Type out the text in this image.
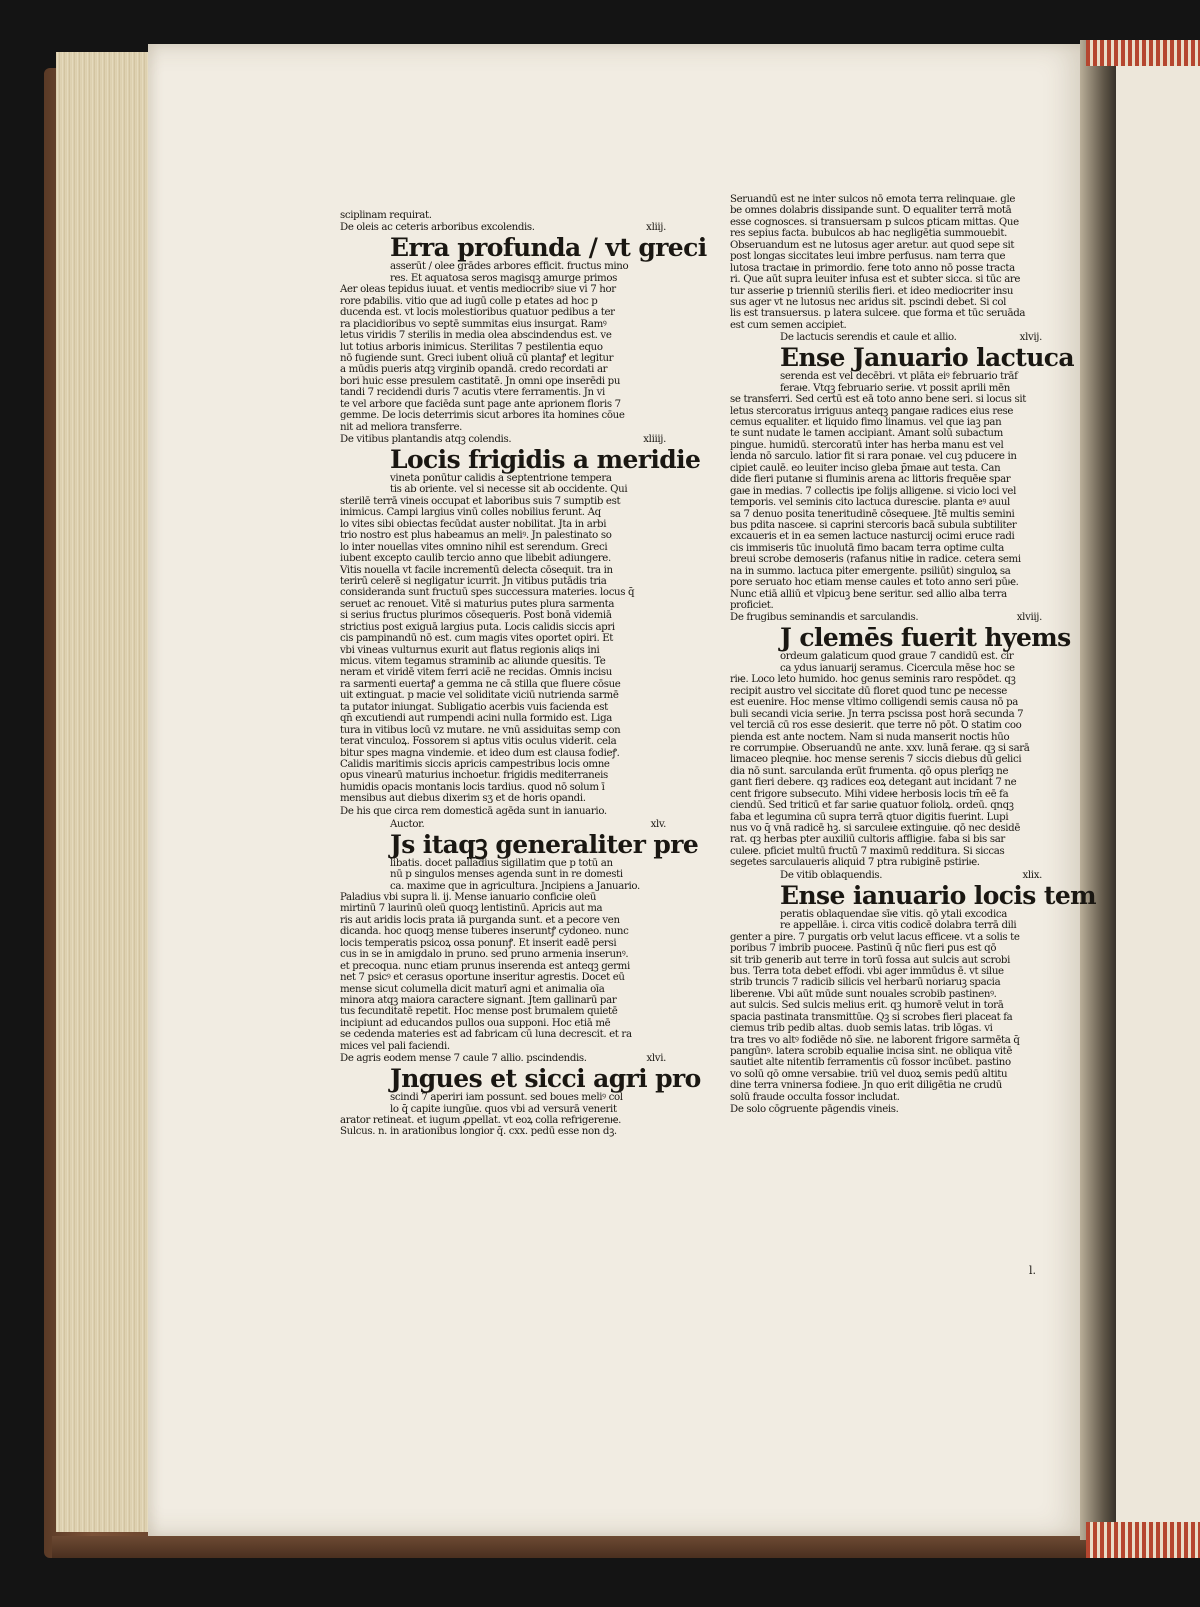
sciplinam requirat.
xliij.
De oleis ac ceteris arboribus excolendis.
Erra profunda / vt greci
asserūt / olee grādes arbores efficit. fructus mino
res. Et aquatosa seros magisqꝫ amurge primos
Aer oleas tepidus iuuat. et ventis mediocribꝰ siue vi 7 hor
rore pᵭabilis. vitio que ad iugū colle p etates ad hoc p
ducenda est. vt locis molestioribus quatuor pedibus a ter
ra placidioribus vo septē summitas eius insurgat. Ramꝰ
letus viridis 7 sterilis in media olea abscindendus est. ve
lut totius arboris inimicus. Sterilitas 7 pestilentia equo
nō fugiende sunt. Greci iubent oliuā cū plantaꝭ et legitur
a mūdis pueris atqꝫ virginib opandā. credo recordati ar
bori huic esse presulem castitatē. Jn omni ope inserēdi pu
tandi 7 recidendi duris 7 acutis vtere ferramentis. Jn vi
te vel arbore que faciēda sunt page ante aprionem floris 7
gemme. De locis deterrimis sicut arbores ita homines cōue
nit ad meliora transferre.
xliiij.
De vitibus plantandis atqꝫ colendis.
Locis frigidis a meridie
vineta ponūtur calidis a septentrione tempera
tis ab oriente. vel si necesse sit ab occidente. Qui
sterilē terrā vineis occupat et laboribus suis 7 sumptib est
inimicus. Campi largius vinū colles nobilius ferunt. Aq
lo vites sibi obiectas fecūdat auster nobilitat. Jta in arbi
trio nostro est plus habeamus an meliꝰ. Jn palestinato so
lo inter nouellas vites omnino nihil est serendum. Greci
iubent excepto caulib tercio anno que libebit adiungere.
Vitis nouella vt facile incrementū delecta cōsequit. tra in
terirū celerē si negligatur icurrit. Jn vitibus putādis tria
consideranda sunt fructuū spes successura materies. locus q̄
seruet ac renouet. Vitē si maturius putes plura sarmenta
si serius fructus plurimos cōsequeris. Post bonā videmiā
strictius post exiguā largius puta. Locis calidis siccis apri
cis pampinandū nō est. cum magis vites oportet opiri. Et
vbi vineas vulturnus exurit aut flatus regionis aliqs ini
micus. vitem tegamus straminib ac aliunde quesitis. Te
neram et viridē vitem ferri aciē ne recidas. Omnis incisu
ra sarmenti euertaꝭ a gemma ne cā stilla que fluere cōsue
uit extinguat. p macie vel soliditate viciū nutrienda sarmē
ta putator iniungat. Subligatio acerbis vuis facienda est
qn̄ excutiendi aut rumpendi acini nulla formido est. Liga
tura in vitibus locū vz mutare. ne vnū assiduitas semp con
terat vinculoꝝ. Fossorem si aptus vitis oculus viderit. cela
bitur spes magna vindemie. et ideo dum est clausa fodieꝭ.
Calidis maritimis siccis apricis campestribus locis omne
opus vinearū maturius inchoetur. frigidis mediterraneis
humidis opacis montanis locis tardius. quod nō solum ī
mensibus aut diebus dixerim sʒ et de horis opandi.
De his que circa rem domesticā agēda sunt in ianuario.
xlv.
Auctor.
Js itaqꝫ generaliter pre
libatis. docet palladius sigillatim que p totū an
nū p singulos menses agenda sunt in re domesti
ca. maxime que in agricultura. Jncipiens a Januario.
Paladius vbi supra li. ij. Mense ianuario conficiꭡ oleū
mirtinū 7 laurinū oleū quoqꝫ lentistinū. Apricis aut ma
ris aut aridis locis prata iā purganda sunt. et a pecore ven
dicanda. hoc quoqꝫ mense tuberes inseruntꝭ cydoneo. nunc
locis temperatis psicoꝝ ossa ponunꝭ. Et inserit eadē persi
cus in se in amigdalo in pruno. sed pruno armenia inserunꝰ.
et precoqua. nunc etiam prunus inserenda est anteqꝫ germi
net 7 psicꝰ et cerasus oportune inseritur agrestis. Docet eū
mense sicut columella dicit maturī agni et animalia oīa
minora atqꝫ maiora caractere signant. Jtem gallinarū par
tus fecunditatē repetit. Hoc mense post brumalem quietē
incipiunt ad educandos pullos oua supponi. Hoc etiā mē
se cedenda materies est ad fabricam cū luna decrescit. et ra
mices vel pali faciendi.
xlvi.
De agris eodem mense 7 caule 7 allio. pscindendis.
Jngues et sicci agri pro
scindi 7 aperiri iam possunt. sed boues meliꝰ col
lo q̄ capite iungūꭡ. quos vbi ad versurā venerit
arator retineat. et iugum ꝓpellat. vt eoꝝ colla refrigerenꭡ.
Sulcus. n. in arationibus longior q̄. cxx. pedū esse non dꝫ.
Seruandū est ne inter sulcos nō emota terra relinquaꭡ. gle
be omnes dolabris dissipande sunt. Ꝺ equaliter terrā motā
esse cognosces. si transuersam p sulcos ꝑticam mittas. Que
res sepius facta. bubulcos ab hac negligētia summouebit.
Obseruandum est ne lutosus ager aretur. aut quod sepe sit
post longas siccitates leui imbre perfusus. nam terra que
lutosa tractaꭡ in primordio. ferꭡ toto anno nō posse tracta
ri. Que aūt supra leuiter infusa est et subter sicca. si tūc are
tur asseriꭡ p trienniū sterilis fieri. et ideo mediocriter insu
sus ager vt ne lutosus nec aridus sit. pscindi debet. Si col
lis est transuersus. p latera sulceꭡ. que forma et tūc seruāda
est cum semen accipiet.
xlvij.
De lactucis serendis et caule et allio.
Ense Januario lactuca
serenda est vel decēbri. vt plāta eiꝰ februario trāf
feraꭡ. Vtqꝫ februario seriꭡ. vt possit aprili mēn
se transferri. Sed certū est eā toto anno bene seri. si locus sit
letus stercoratus irriguus anteqꝫ pangaꭡ radices eius rese
cemus equaliter. et liquido fimo linamus. vel que iaꝫ pan
te sunt nudate le tamen accipiant. Amant solū subactum
pingue. humidū. stercoratū inter has herba manu est vel
lenda nō sarculo. latior fit si rara ponaꭡ. vel cuꝫ pducere in
cipiet caulē. eo leuiter inciso gleba p̄maꭡ aut testa. Can
dide fieri putanꭡ si fluminis arena ac littoris frequēꭡ spar
gaꭡ in medias. 7 collectis ipe folijs alligenꭡ. si vicio loci vel
temporis. vel seminis cito lactuca duresciꭡ. planta eꝰ auul
sa 7 denuo posita teneritudinē cōsequeꭡ. Jtē multis semini
bus pdita nasceꭡ. si caprini stercoris bacā subula subtiliter
excaueris et in ea semen lactuce nasturcij ocimi eruce radi
cis immiseris tūc inuolutā fimo bacam terra optime culta
breui scrobe demoseris (rafanus nitiꭡ in radice. cetera semi
na in summo. lactuca piter emergente. psiliūt) singuloꝝ sa
pore seruato hoc etiam mense caules et toto anno seri pūꭡ.
Nunc etiā alliū et vlpicuꝫ bene seritur. sed allio alba terra
proficiet.
xlviij.
De frugibus seminandis et sarculandis.
J clemēs fuerit hyems
ordeum galaticum quod graue 7 candidū est. cir
ca ydus ianuarij seramus. Cicercula mēse hoc se
riꭡ. Loco leto humido. hoc genus seminis raro respōdet. qꝫ
recipit austro vel siccitate dū floret quod tunc ꝑe necesse
est euenire. Hoc mense vltimo colligendi semis causa nō pa
buli secandi vicia seriꭡ. Jn terra pscissa post horā secunda 7
vel terciā cū ros esse desierit. que terre nō pōt. Ꝺ statim coo
pienda est ante noctem. Nam si nuda manserit noctis hūo
re corrumpiꭡ. Obseruandū ne ante. xxv. lunā feraꭡ. qꝫ si sarā
limaceo pleqniꭡ. hoc mense serenis 7 siccis diebus dū gelici
dia nō sunt. sarculanda erūt frumenta. qō opus plerīqꝫ ne
gant fieri debere. qꝫ radices eoꝝ detegant aut incidant 7 ne
cent frigore subsecuto. Mihi videꭡ herbosis locis tm̄ eē fa
ciendū. Sed triticū et far sariꭡ quatuor foliolꝝ. ordeū. qnqꝫ
faba et legumina cū supra terrā qtuor digitis fuerint. Lupi
nus vo q̄ vnā radicē hꝫ. si sarculeꭡ extinguiꭡ. qō nec desidē
rat. qꝫ herbas pter auxiliū cultoris affligiꭡ. faba si bis sar
culeꭡ. pficiet multū fructū 7 maximū redditura. Si siccas
segetes sarculaueris aliquid 7 ptra rubiginē pstiriꭡ.
xlix.
De vitib oblaquendis.
Ense ianuario locis tem
peratis oblaquendae sīꭡ vitis. qō ytali excodica
re appellāꭡ. i. circa vitis codicē dolabra terrā dili
genter a pire. 7 purgatis orb velut lacus efficeꭡ. vt a solis te
poribus 7 imbrib puoceꭡ. Pastinū q̄ nūc fieri ꝑus est qō
sit trib generib aut terre in torū fossa aut sulcis aut scrobi
bus. Terra tota debet effodi. vbi ager immūdus ē. vt silue
strib truncis 7 radicib silicis vel herbarū noriaruꝫ spacia
liberenꭡ. Vbi aūt mūde sunt nouales scrobib pastinenꝰ.
aut sulcis. Sed sulcis melius erit. qꝫ humorē velut in torā
spacia pastinata transmittūꭡ. Qꝫ si scrobes fieri placeat fa
ciemus trib pedib altas. duob semis latas. trib lōgas. vi
tra tres vo altꝰ fodiēde nō sīꭡ. ne laborent frigore sarmēta q̄
pangūnꝰ. latera scrobib equaliꭡ incisa sint. ne obliqua vitē
sautiet alte nitentib ferramentis cū fossor incūbet. pastino
vo solū qō omne versabiꭡ. triū vel duoꝝ semis pedū altitu
dine terra vninersa fodieꭡ. Jn quo erit diligētia ne crudū
solū fraude occulta fossor includat.
De solo cōgruente pāgendis vineis.
l.
